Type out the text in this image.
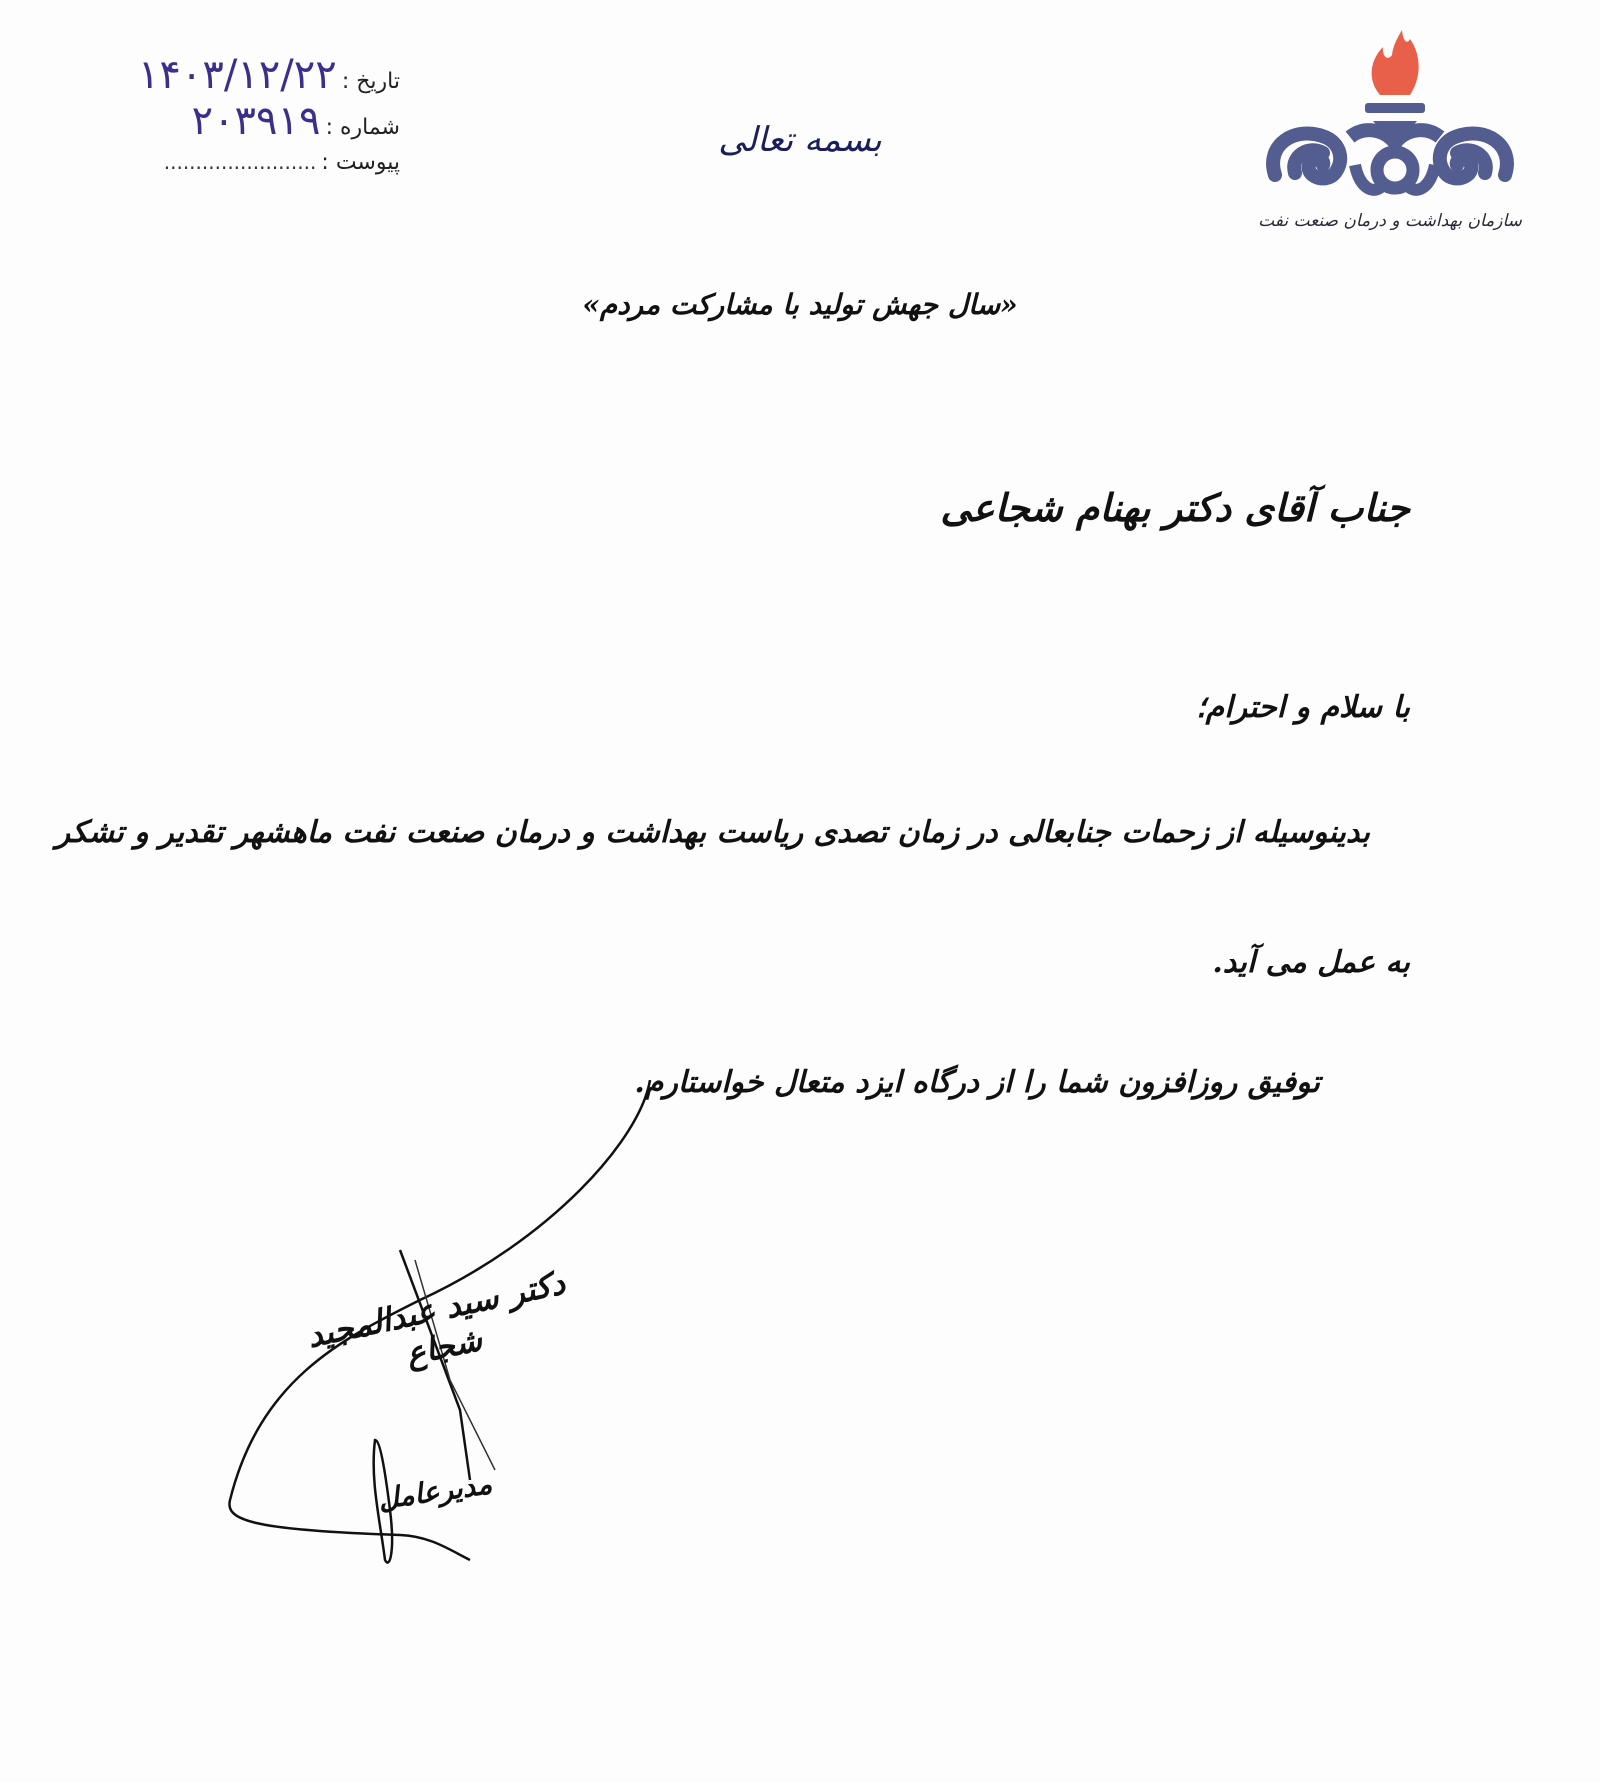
سازمان بهداشت و درمان صنعت نفت
بسمه تعالی
تاریخ : ۱۴۰۳/۱۲/۲۲
شماره : ۲۰۳۹۱۹
پیوست : ........................
«سال جهش تولید با مشارکت مردم»
جناب آقای دکتر بهنام شجاعی
با سلام و احترام؛
بدینوسیله از زحمات جنابعالی در زمان تصدی ریاست بهداشت و درمان صنعت نفت ماهشهر تقدیر و تشکر
به عمل می آید.
توفیق روزافزون شما را از درگاه ایزد متعال خواستارم.
دکتر سید عبدالمجید شجاع
مدیرعامل
